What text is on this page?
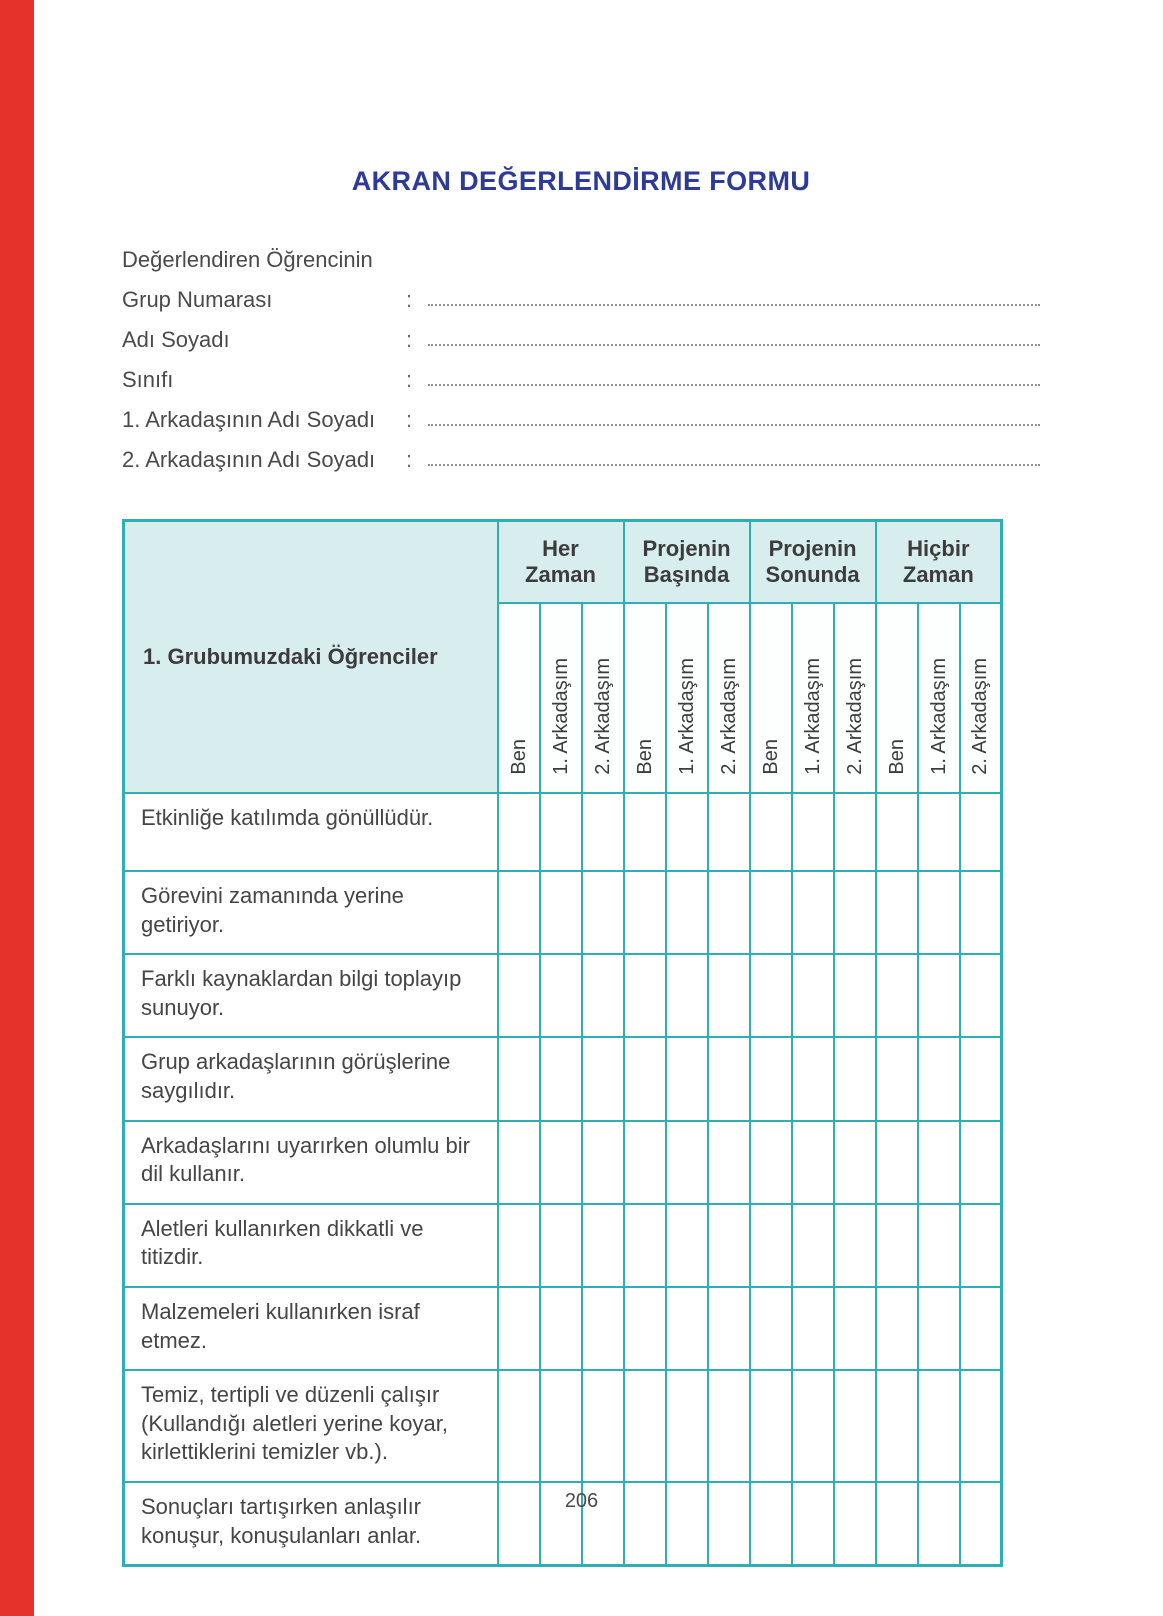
AKRAN DEĞERLENDİRME FORMU
Değerlendiren Öğrencinin
Grup Numarası	:
Adı Soyadı	:
Sınıfı	:
1. Arkadaşının Adı Soyadı	:
2. Arkadaşının Adı Soyadı	:
1. Grubumuzdaki Öğrenciler	Her Zaman			Projenin Başında			Projenin Sonunda			Hiçbir Zaman		
	Ben	1. Arkadaşım	2. Arkadaşım	Ben	1. Arkadaşım	2. Arkadaşım	Ben	1. Arkadaşım	2. Arkadaşım	Ben	1. Arkadaşım	2. Arkadaşım
Etkinliğe katılımda gönüllüdür.												
Görevini zamanında yerine getiriyor.												
Farklı kaynaklardan bilgi toplayıp sunuyor.												
Grup arkadaşlarının görüşlerine saygılıdır.												
Arkadaşlarını uyarırken olumlu bir dil kullanır.												
Aletleri kullanırken dikkatli ve titizdir.												
Malzemeleri kullanırken israf etmez.												
Temiz, tertipli ve düzenli çalışır (Kullandığı aletleri yerine koyar, kirlettiklerini temizler vb.).												
Sonuçları tartışırken anlaşılır konuşur, konuşulanları anlar.												
206
